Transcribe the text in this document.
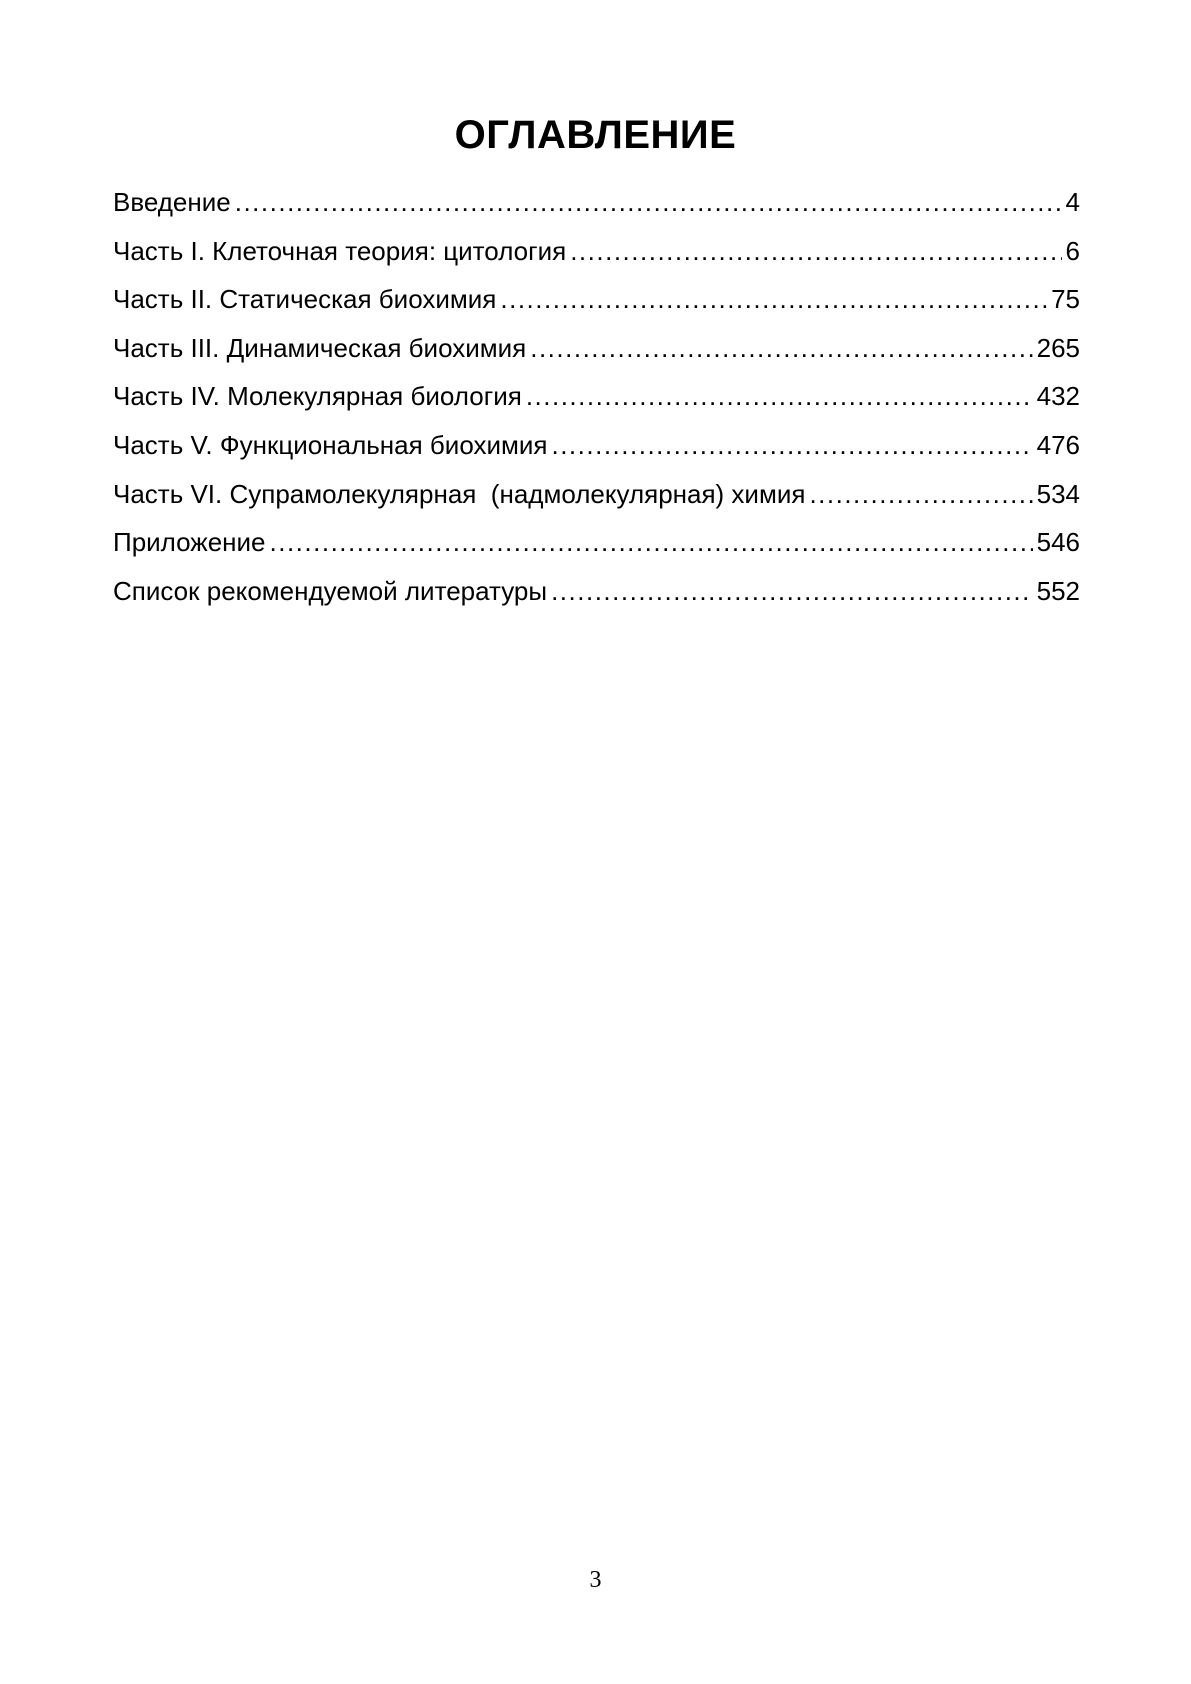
ОГЛАВЛЕНИЕ
Введение .....	4
Часть I. Клеточная теория: цитология .....	6
Часть II. Статическая биохимия .....	75
Часть III. Динамическая биохимия .....	265
Часть IV. Молекулярная биология .....	432
Часть V. Функциональная биохимия .....	476
Часть VI. Супрамолекулярная  (надмолекулярная) химия .....	534
Приложение .....	546
Список рекомендуемой литературы .....	552
3
